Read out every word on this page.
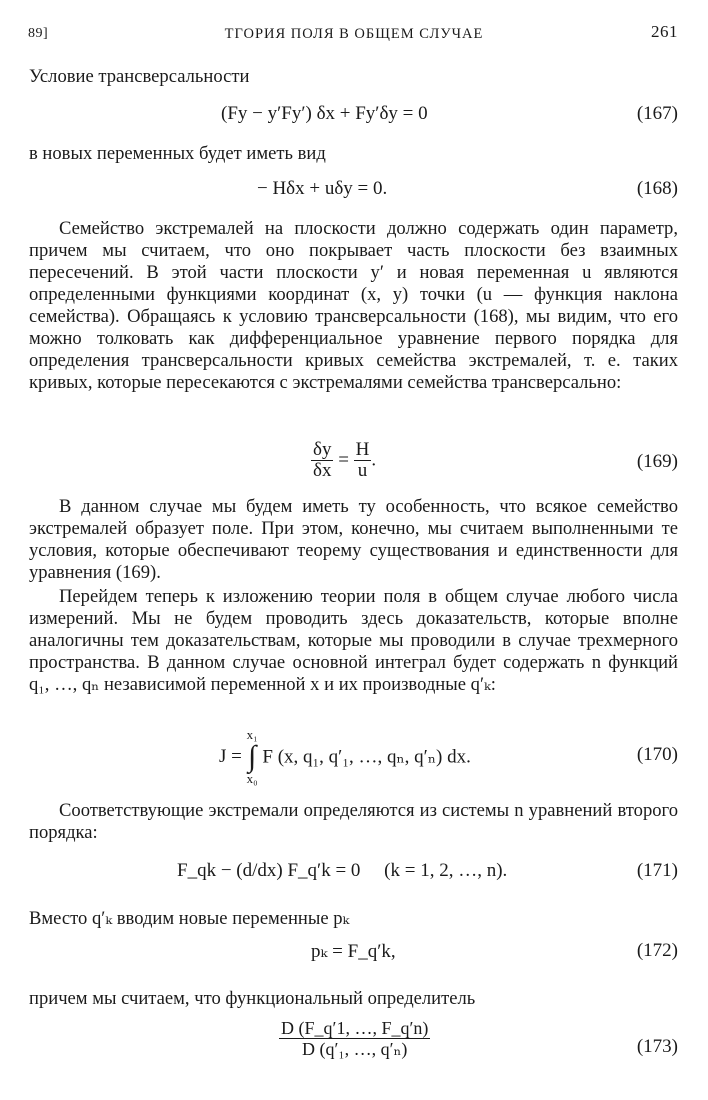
89]	ТГОРИЯ ПОЛЯ В ОБЩЕМ СЛУЧАЕ	261

Условие трансверсальности

(Fy − y′Fy′) δx + Fy′δy = 0	(167)

в новых переменных будет иметь вид

− Hδx + uδy = 0.	(168)

Семейство экстремалей на плоскости должно содержать один параметр, причем мы считаем, что оно покрывает часть плоскости без взаимных пересечений. В этой части плоскости y′ и новая переменная u являются определенными функциями координат (x, y) точки (u — функция наклона семейства). Обращаясь к условию трансверсальности (168), мы видим, что его можно толковать как дифференциальное уравнение первого порядка для определения трансверсальности кривых семейства экстремалей, т. е. таких кривых, которые пересекаются с экстремалями семейства трансверсально:

$\frac{\delta y}{\delta x} = \frac{H}{u}$ .	(169)

В данном случае мы будем иметь ту особенность, что всякое семейство экстремалей образует поле. При этом, конечно, мы считаем выполненными те условия, которые обеспечивают теорему существования и единственности для уравнения (169).

Перейдем теперь к изложению теории поля в общем случае любого числа измерений. Мы не будем проводить здесь доказательств, которые вполне аналогичны тем доказательствам, которые мы проводили в случае трехмерного пространства. В данном случае основной интеграл будет содержать n функций q₁, …, qₙ независимой переменной x и их производные q′ₖ:

J = x₁
∫
x₀ F (x, q₁, q′₁, …, qₙ, q′ₙ) dx.	(170)

Соответствующие экстремали определяются из системы n уравнений второго порядка:

F_qk − (d/dx) F_q′k = 0     (k = 1, 2, …, n).	(171)

Вместо q′ₖ вводим новые переменные pₖ

pₖ = F_q′k,	(172)

причем мы считаем, что функциональный определитель

$\frac{D (F\_q'1, \dots, F\_q'n)}{\text{D (q′₁, …, q′ₙ)}}$	(173)
